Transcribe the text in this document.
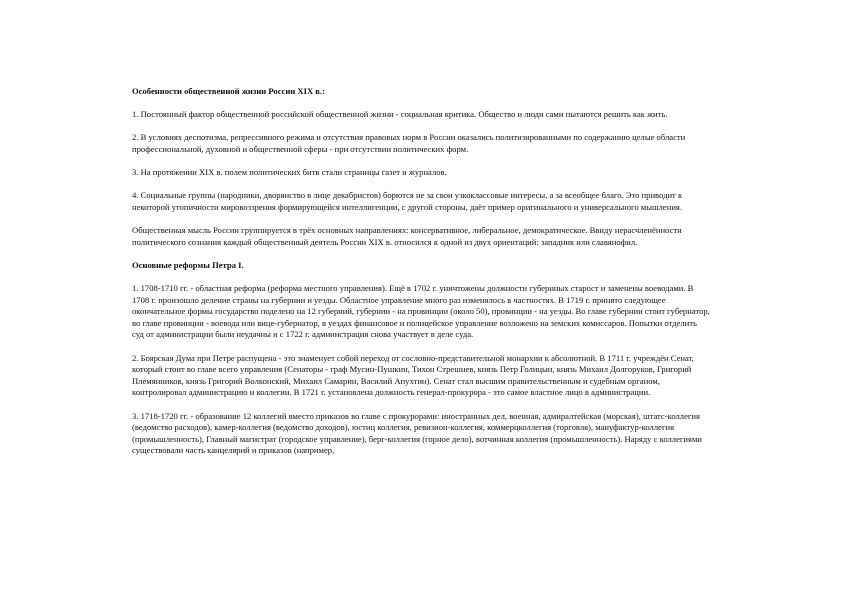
Особенности общественной жизни России XIX в.:

1. Постоянный фактор общественной российской общественной жизни - социальная критика. Общество и люди сами пытаются решить как жить.

2. В условиях деспотизма, репрессивного режима и отсутствия правовых норм в России оказались политизированными по содержанию целые области профессиональной, духовной и общественной сферы - при отсутствии политических форм.

3. На протяжении XIX в. полем политических битв стали страницы газет и журналов.

4. Социальные группы (народники, дворянство в лице декабристов) борются не за свои узкоклассовые интересы, а за всеобщее благо. Это приводит к некоторой утопичности мировоззрения формирующейся интеллигенции, с другой стороны, даёт пример оригинального и универсального мышления.

Общественная мысль России группируется в трёх основных направлениях: консервативное, либеральное, демократическое. Ввиду нерасчленённости политического сознания каждый общественный деятель России XIX в. относился к одной из двух ориентаций: западник или славянофил.

Основные реформы Петра I.

1. 1708-1710 гг. - областная реформа (реформа местного управления). Ещё в 1702 г. уничтожены должности губернных старост и заменены воеводами. В 1708 г. произошло деление страны на губернии и уезды. Областное управление много раз изменялось в частностях. В 1719 г. принято следующее окончательное формы государство поделено на 12 губерний, губернии - на провинции (около 50), провинции - на уезды. Во главе губернии стоит губернатор, во главе провинции - воевода или вице-губернатор, в уездах финансовое и полицейское управление возложено на земских комиссаров. Попытки отделить суд от администрации были неудачны и с 1722 г. администрация снова участвует в деле суда.

2. Боярская Дума при Петре распущена - это знаменует собой переход от сословно-представительной монархии к абсолютной. В 1711 г. учреждён Сенат, который стоит во главе всего управления (Сенаторы - граф Мусин-Пушкин, Тихон Стрешнев, князь Петр Голицын, князь Михаил Долгоруков, Григорий Племянников, князь Григорий Волконский, Михаил Самарин, Василий Апухтин). Сенат стал высшим правительственным и судебным органом, контролировал администрацию и коллегии. В 1721 г. установлена должность генерал-прокурора - это самое властное лицо в администрации.

3. 1718-1720 гг. - образование 12 коллегий вместо приказов во главе с прокурорами: иностранных дел, военная, адмиралтейская (морская), штатс-коллегия (ведомство расходов), камер-коллегия (ведомство доходов), юстиц коллегия, ревизион-коллегия, коммерцколлегия (торговля), мануфактур-коллегия (промышленность), Главный магистрат (городское управление), берг-коллегия (горное дело), вотчинная коллегия (промышленность). Наряду с коллегиями существовали часть канцелярий и приказов (например,
